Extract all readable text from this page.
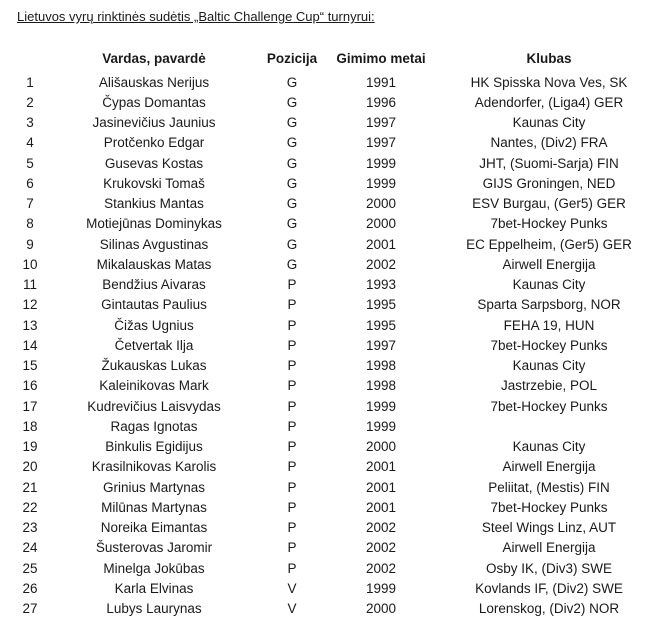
Lietuvos vyrų rinktinės sudėtis „Baltic Challenge Cup“ turnyrui:

	Vardas, pavardė	Pozicija	Gimimo metai	Klubas
1	Ališauskas Nerijus	G	1991	HK Spisska Nova Ves, SK
2	Čypas Domantas	G	1996	Adendorfer, (Liga4) GER
3	Jasinevičius Jaunius	G	1997	Kaunas City
4	Protčenko Edgar	G	1997	Nantes, (Div2) FRA
5	Gusevas Kostas	G	1999	JHT, (Suomi-Sarja) FIN
6	Krukovski Tomaš	G	1999	GIJS Groningen, NED
7	Stankius Mantas	G	2000	ESV Burgau, (Ger5) GER
8	Motiejūnas Dominykas	G	2000	7bet-Hockey Punks
9	Silinas Avgustinas	G	2001	EC Eppelheim, (Ger5) GER
10	Mikalauskas Matas	G	2002	Airwell Energija
11	Bendžius Aivaras	P	1993	Kaunas City
12	Gintautas Paulius	P	1995	Sparta Sarpsborg, NOR
13	Čižas Ugnius	P	1995	FEHA 19, HUN
14	Četvertak Ilja	P	1997	7bet-Hockey Punks
15	Žukauskas Lukas	P	1998	Kaunas City
16	Kaleinikovas Mark	P	1998	Jastrzebie, POL
17	Kudrevičius Laisvydas	P	1999	7bet-Hockey Punks
18	Ragas Ignotas	P	1999	
19	Binkulis Egidijus	P	2000	Kaunas City
20	Krasilnikovas Karolis	P	2001	Airwell Energija
21	Grinius Martynas	P	2001	Peliitat, (Mestis) FIN
22	Milūnas Martynas	P	2001	7bet-Hockey Punks
23	Noreika Eimantas	P	2002	Steel Wings Linz, AUT
24	Šusterovas Jaromir	P	2002	Airwell Energija
25	Minelga Jokūbas	P	2002	Osby IK, (Div3) SWE
26	Karla Elvinas	V	1999	Kovlands IF, (Div2) SWE
27	Lubys Laurynas	V	2000	Lorenskog, (Div2) NOR
